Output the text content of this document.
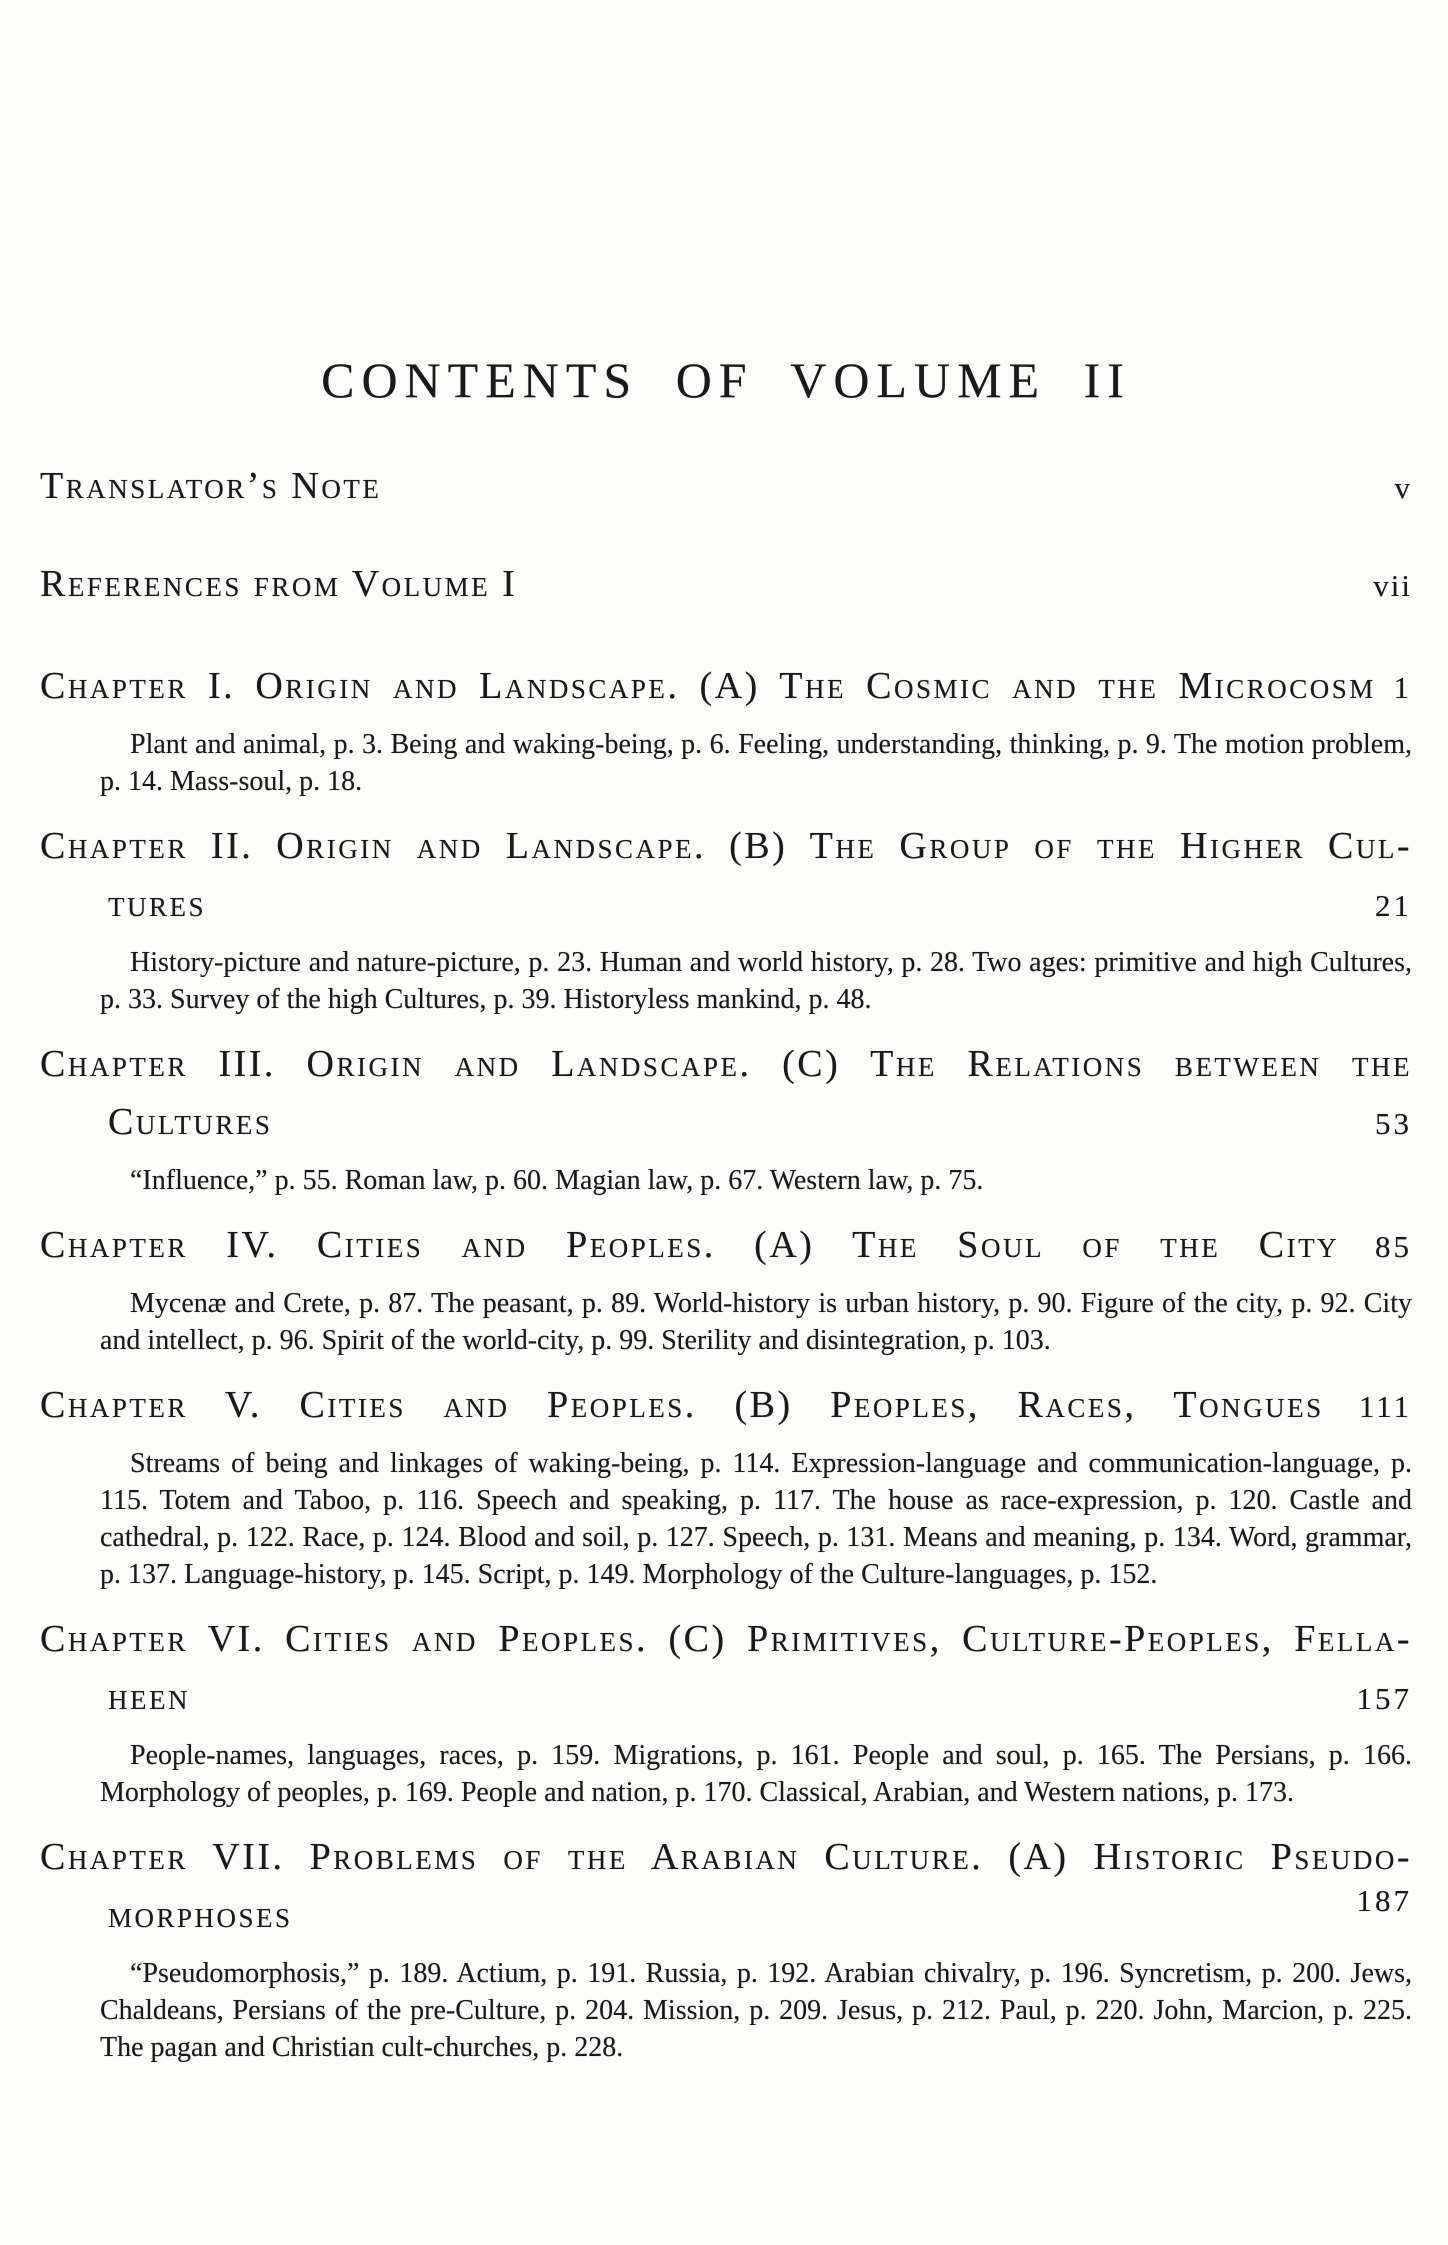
CONTENTS OF VOLUME II
Translator’s Note	v
References from Volume I	vii
Chapter I. Origin and Landscape. (A) The Cosmic and the Microcosm 1

Plant and animal, p. 3. Being and waking-being, p. 6. Feeling, understanding, thinking, p. 9. The motion problem, p. 14. Mass-soul, p. 18.

Chapter II. Origin and Landscape. (B) The Group of the Higher Cul-
tures	21

History-picture and nature-picture, p. 23. Human and world history, p. 28. Two ages: primitive and high Cultures, p. 33. Survey of the high Cultures, p. 39. Historyless mankind, p. 48.

Chapter III. Origin and Landscape. (C) The Relations between the
Cultures	53

“Influence,” p. 55. Roman law, p. 60. Magian law, p. 67. Western law, p. 75.

Chapter IV. Cities and Peoples. (A) The Soul of the City 85

Mycenæ and Crete, p. 87. The peasant, p. 89. World-history is urban history, p. 90. Figure of the city, p. 92. City and intellect, p. 96. Spirit of the world-city, p. 99. Sterility and disintegration, p. 103.

Chapter V. Cities and Peoples. (B) Peoples, Races, Tongues 111

Streams of being and linkages of waking-being, p. 114. Expression-language and communication-language, p. 115. Totem and Taboo, p. 116. Speech and speaking, p. 117. The house as race-expression, p. 120. Castle and cathedral, p. 122. Race, p. 124. Blood and soil, p. 127. Speech, p. 131. Means and meaning, p. 134. Word, grammar, p. 137. Language-history, p. 145. Script, p. 149. Morphology of the Culture-languages, p. 152.

Chapter VI. Cities and Peoples. (C) Primitives, Culture-Peoples, Fella-
heen	157

People-names, languages, races, p. 159. Migrations, p. 161. People and soul, p. 165. The Persians, p. 166. Morphology of peoples, p. 169. People and nation, p. 170. Classical, Arabian, and Western nations, p. 173.

Chapter VII. Problems of the Arabian Culture. (A) Historic Pseudo-
morphoses	187

“Pseudomorphosis,” p. 189. Actium, p. 191. Russia, p. 192. Arabian chivalry, p. 196. Syncretism, p. 200. Jews, Chaldeans, Persians of the pre-Culture, p. 204. Mission, p. 209. Jesus, p. 212. Paul, p. 220. John, Marcion, p. 225. The pagan and Christian cult-churches, p. 228.
